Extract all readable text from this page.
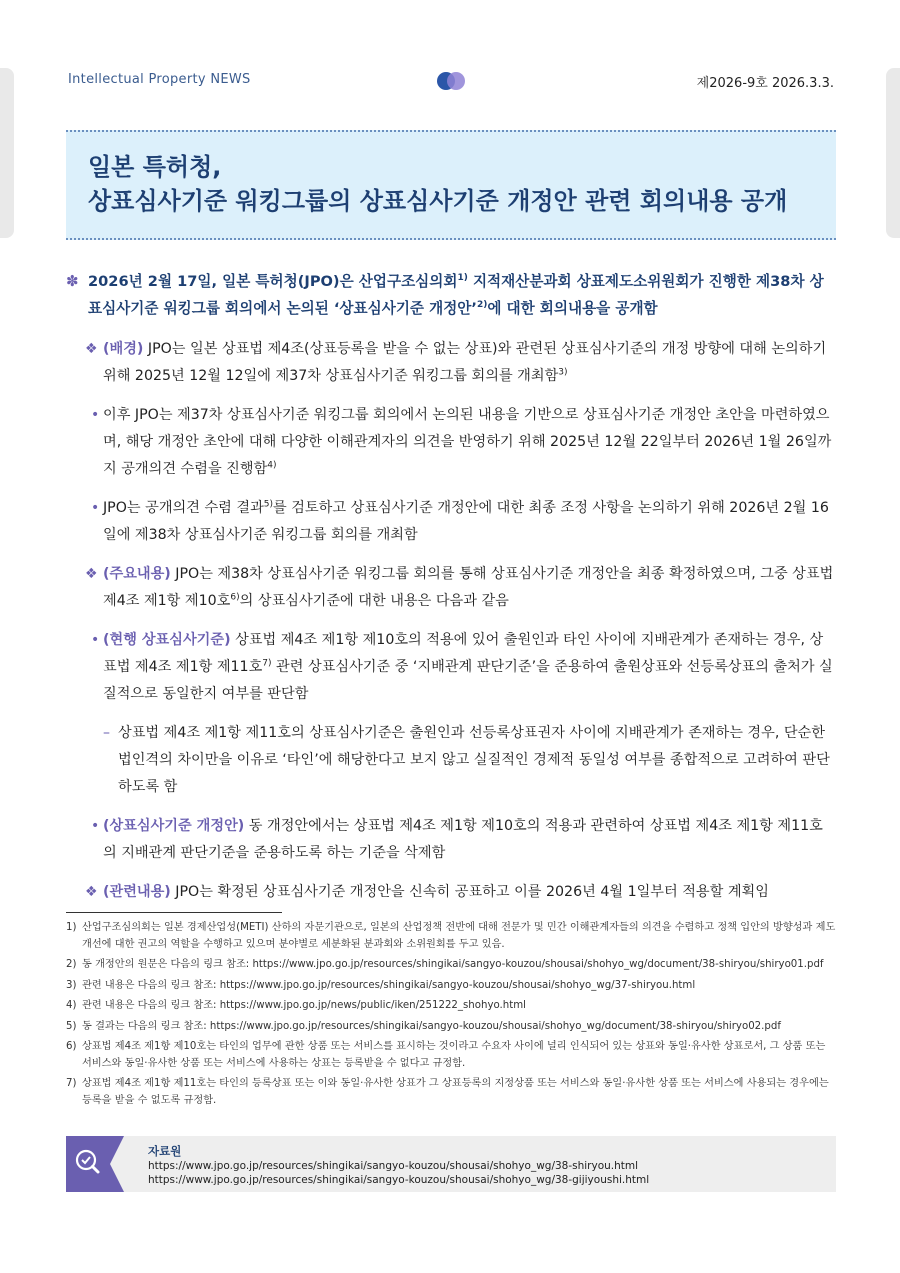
Intellectual Property NEWS	제2026-9호 2026.3.3.
일본 특허청,
상표심사기준 워킹그룹의 상표심사기준 개정안 관련 회의내용 공개
✽ 2026년 2월 17일, 일본 특허청(JPO)은 산업구조심의회$^{1)}$ 지적재산분과회 상표제도소위원회가 진행한 제38차 상표심사기준 워킹그룹 회의에서 논의된 ‘상표심사기준 개정안’$^{2)}$에 대한 회의내용을 공개함
❖ (배경) JPO는 일본 상표법 제4조(상표등록을 받을 수 없는 상표)와 관련된 상표심사기준의 개정 방향에 대해 논의하기 위해 2025년 12월 12일에 제37차 상표심사기준 워킹그룹 회의를 개최함$^{3)}$
• 이후 JPO는 제37차 상표심사기준 워킹그룹 회의에서 논의된 내용을 기반으로 상표심사기준 개정안 초안을 마련하였으며, 해당 개정안 초안에 대해 다양한 이해관계자의 의견을 반영하기 위해 2025년 12월 22일부터 2026년 1월 26일까지 공개의견 수렴을 진행함$^{4)}$
• JPO는 공개의견 수렴 결과$^{5)}$를 검토하고 상표심사기준 개정안에 대한 최종 조정 사항을 논의하기 위해 2026년 2월 16일에 제38차 상표심사기준 워킹그룹 회의를 개최함
❖ (주요내용) JPO는 제38차 상표심사기준 워킹그룹 회의를 통해 상표심사기준 개정안을 최종 확정하였으며, 그중 상표법 제4조 제1항 제10호$^{6)}$의 상표심사기준에 대한 내용은 다음과 같음
• (현행 상표심사기준) 상표법 제4조 제1항 제10호의 적용에 있어 출원인과 타인 사이에 지배관계가 존재하는 경우, 상표법 제4조 제1항 제11호$^{7)}$ 관련 상표심사기준 중 ‘지배관계 판단기준’을 준용하여 출원상표와 선등록상표의 출처가 실질적으로 동일한지 여부를 판단함
– 상표법 제4조 제1항 제11호의 상표심사기준은 출원인과 선등록상표권자 사이에 지배관계가 존재하는 경우, 단순한 법인격의 차이만을 이유로 ‘타인’에 해당한다고 보지 않고 실질적인 경제적 동일성 여부를 종합적으로 고려하여 판단하도록 함
• (상표심사기준 개정안) 동 개정안에서는 상표법 제4조 제1항 제10호의 적용과 관련하여 상표법 제4조 제1항 제11호의 지배관계 판단기준을 준용하도록 하는 기준을 삭제함
❖ (관련내용) JPO는 확정된 상표심사기준 개정안을 신속히 공표하고 이를 2026년 4월 1일부터 적용할 계획임
1) 산업구조심의회는 일본 경제산업성(METI) 산하의 자문기관으로, 일본의 산업정책 전반에 대해 전문가 및 민간 이해관계자들의 의견을 수렴하고 정책 입안의 방향성과 제도 개선에 대한 권고의 역할을 수행하고 있으며 분야별로 세분화된 분과회와 소위원회를 두고 있음.
2) 동 개정안의 원문은 다음의 링크 참조: https://www.jpo.go.jp/resources/shingikai/sangyo-kouzou/shousai/shohyo_wg/document/38-shiryou/shiryo01.pdf
3) 관련 내용은 다음의 링크 참조: https://www.jpo.go.jp/resources/shingikai/sangyo-kouzou/shousai/shohyo_wg/37-shiryou.html
4) 관련 내용은 다음의 링크 참조: https://www.jpo.go.jp/news/public/iken/251222_shohyo.html
5) 동 결과는 다음의 링크 참조: https://www.jpo.go.jp/resources/shingikai/sangyo-kouzou/shousai/shohyo_wg/document/38-shiryou/shiryo02.pdf
6) 상표법 제4조 제1항 제10호는 타인의 업무에 관한 상품 또는 서비스를 표시하는 것이라고 수요자 사이에 널리 인식되어 있는 상표와 동일·유사한 상표로서, 그 상품 또는 서비스와 동일·유사한 상품 또는 서비스에 사용하는 상표는 등록받을 수 없다고 규정함.
7) 상표법 제4조 제1항 제11호는 타인의 등록상표 또는 이와 동일·유사한 상표가 그 상표등록의 지정상품 또는 서비스와 동일·유사한 상품 또는 서비스에 사용되는 경우에는 등록을 받을 수 없도록 규정함.
자료원
https://www.jpo.go.jp/resources/shingikai/sangyo-kouzou/shousai/shohyo_wg/38-shiryou.html
https://www.jpo.go.jp/resources/shingikai/sangyo-kouzou/shousai/shohyo_wg/38-gijiyoushi.html
